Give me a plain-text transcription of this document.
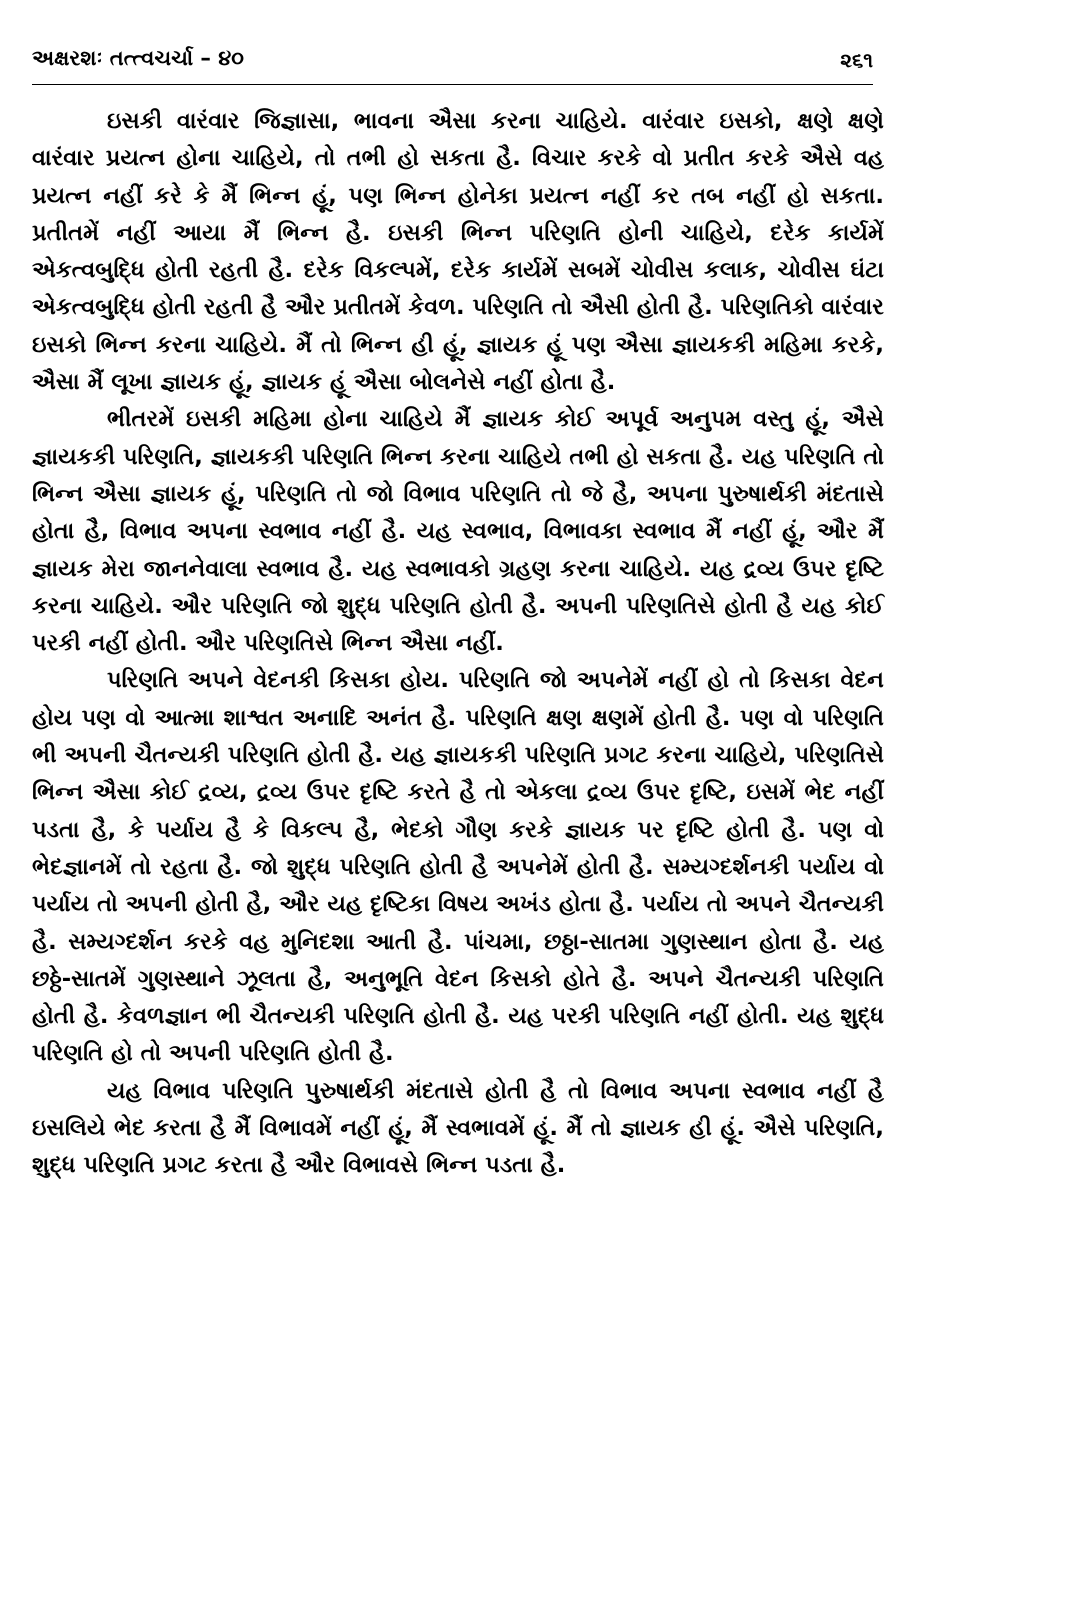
અક્ષરશઃ તત્ત્વચર્ચા – ૪૦	૨૬૧

ઇસકી વારંવાર જિજ્ઞાસા, ભાવના ઐસા કરના ચાહિયે. વારંવાર ઇસકો, ક્ષણે ક્ષણે વારંવાર પ્રયત્ન હોના ચાહિયે, તો તભી હો સકતા હૈ. વિચાર કરકે વો પ્રતીત કરકે ઐસે વહ પ્રયત્ન નહીં કરે કે મૈં ભિન્ન હૂં, પણ ભિન્ન હોનેકા પ્રયત્ન નહીં કર તબ નહીં હો સકતા. પ્રતીતમેં નહીં આયા મૈં ભિન્ન હૈ. ઇસકી ભિન્ન પરિણતિ હોની ચાહિયે, દરેક કાર્યમેં એકત્વબુદ્ધિ હોતી રહતી હૈ. દરેક વિકલ્પમેં, દરેક કાર્યમેં સબમેં ચોવીસ કલાક, ચોવીસ ઘંટા એકત્વબુદ્ધિ હોતી રહતી હૈ ઔર પ્રતીતમેં કેવળ. પરિણતિ તો ઐસી હોતી હૈ. પરિણતિકો વારંવાર ઇસકો ભિન્ન કરના ચાહિયે. મૈં તો ભિન્ન હી હૂં, જ્ઞાયક હૂં પણ ઐસા જ્ઞાયકકી મહિમા કરકે, ઐસા મૈં લૂખા જ્ઞાયક હૂં, જ્ઞાયક હૂં ઐસા બોલનેસે નહીં હોતા હૈ.

ભીતરમેં ઇસકી મહિમા હોના ચાહિયે મૈં જ્ઞાયક કોઈ અપૂર્વ અનુપમ વસ્તુ હૂં, ઐસે જ્ઞાયકકી પરિણતિ, જ્ઞાયકકી પરિણતિ ભિન્ન કરના ચાહિયે તભી હો સકતા હૈ. યહ પરિણતિ તો ભિન્ન ઐસા જ્ઞાયક હૂં, પરિણતિ તો જો વિભાવ પરિણતિ તો જે હૈ, અપના પુરુષાર્થકી મંદતાસે હોતા હૈ, વિભાવ અપના સ્વભાવ નહીં હૈ. યહ સ્વભાવ, વિભાવકા સ્વભાવ મૈં નહીં હૂં, ઔર મૈં જ્ઞાયક મેરા જાનનેવાલા સ્વભાવ હૈ. યહ સ્વભાવકો ગ્રહણ કરના ચાહિયે. યહ દ્રવ્ય ઉપર દૃષ્ટિ કરના ચાહિયે. ઔર પરિણતિ જો શુદ્ધ પરિણતિ હોતી હૈ. અપની પરિણતિસે હોતી હૈ યહ કોઈ પરકી નહીં હોતી. ઔર પરિણતિસે ભિન્ન ઐસા નહીં.

પરિણતિ અપને વેદનકી કિસકા હોય. પરિણતિ જો અપનેમેં નહીં હો તો કિસકા વેદન હોય પણ વો આત્મા શાશ્વત અનાદિ અનંત હૈ. પરિણતિ ક્ષણ ક્ષણમેં હોતી હૈ. પણ વો પરિણતિ ભી અપની ચૈતન્યકી પરિણતિ હોતી હૈ. યહ જ્ઞાયકકી પરિણતિ પ્રગટ કરના ચાહિયે, પરિણતિસે ભિન્ન ઐસા કોઈ દ્રવ્ય, દ્રવ્ય ઉપર દૃષ્ટિ કરતે હૈ તો એકલા દ્રવ્ય ઉપર દૃષ્ટિ, ઇસમેં ભેદ નહીં પડતા હૈ, કે પર્યાય હૈ કે વિકલ્પ હૈ, ભેદકો ગૌણ કરકે જ્ઞાયક પર દૃષ્ટિ હોતી હૈ. પણ વો ભેદજ્ઞાનમેં તો રહતા હૈ. જો શુદ્ધ પરિણતિ હોતી હૈ અપનેમેં હોતી હૈ. સમ્યગ્દર્શનકી પર્યાય વો પર્યાય તો અપની હોતી હૈ, ઔર યહ દૃષ્ટિકા વિષય અખંડ હોતા હૈ. પર્યાય તો અપને ચૈતન્યકી હૈ. સમ્યગ્દર્શન કરકે વહ મુનિદશા આતી હૈ. પાંચમા, છઠ્ઠા-સાતમા ગુણસ્થાન હોતા હૈ. યહ છઠ્ઠે-સાતમેં ગુણસ્થાને ઝૂલતા હૈ, અનુભૂતિ વેદન કિસકો હોતે હૈ. અપને ચૈતન્યકી પરિણતિ હોતી હૈ. કેવળજ્ઞાન ભી ચૈતન્યકી પરિણતિ હોતી હૈ. યહ પરકી પરિણતિ નહીં હોતી. યહ શુદ્ધ પરિણતિ હો તો અપની પરિણતિ હોતી હૈ.

યહ વિભાવ પરિણતિ પુરુષાર્થકી મંદતાસે હોતી હૈ તો વિભાવ અપના સ્વભાવ નહીં હૈ ઇસલિયે ભેદ કરતા હૈ મૈં વિભાવમેં નહીં હૂં, મૈં સ્વભાવમેં હૂં. મૈં તો જ્ઞાયક હી હૂં. ઐસે પરિણતિ, શુદ્ધ પરિણતિ પ્રગટ કરતા હૈ ઔર વિભાવસે ભિન્ન પડતા હૈ.
